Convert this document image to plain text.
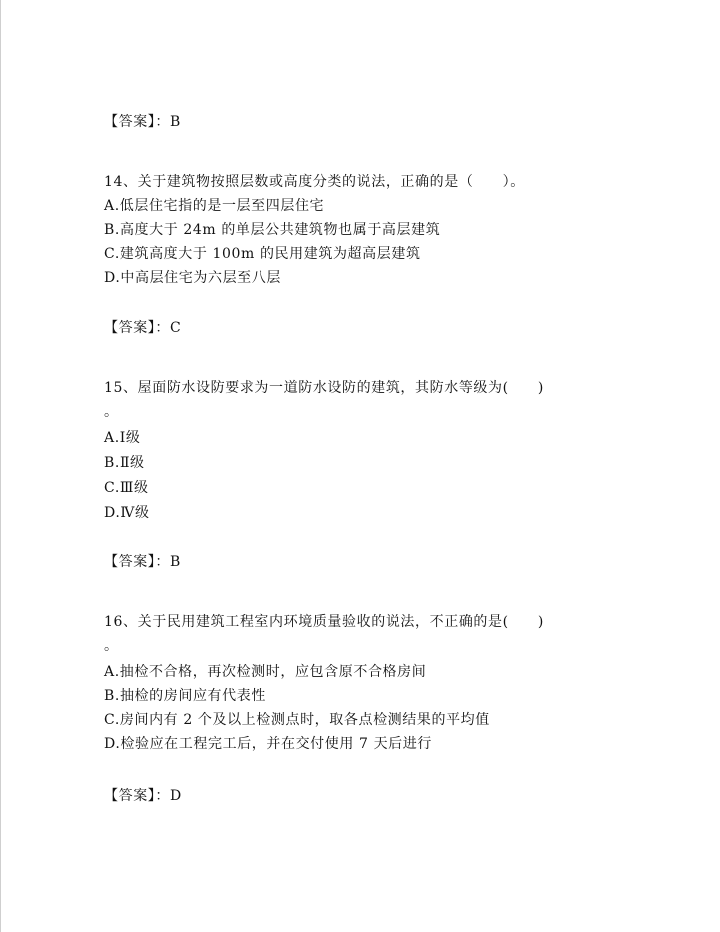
【答案】：B
14、关于建筑物按照层数或高度分类的说法，正确的是（　　）。
A.低层住宅指的是一层至四层住宅
B.高度大于 24m 的单层公共建筑物也属于高层建筑
C.建筑高度大于 100m 的民用建筑为超高层建筑
D.中高层住宅为六层至八层
【答案】：C
15、屋面防水设防要求为一道防水设防的建筑，其防水等级为(　　)
。
A.Ⅰ级
B.Ⅱ级
C.Ⅲ级
D.Ⅳ级
【答案】：B
16、关于民用建筑工程室内环境质量验收的说法，不正确的是(　　)
。
A.抽检不合格，再次检测时，应包含原不合格房间
B.抽检的房间应有代表性
C.房间内有 2 个及以上检测点时，取各点检测结果的平均值
D.检验应在工程完工后，并在交付使用 7 天后进行
【答案】：D
